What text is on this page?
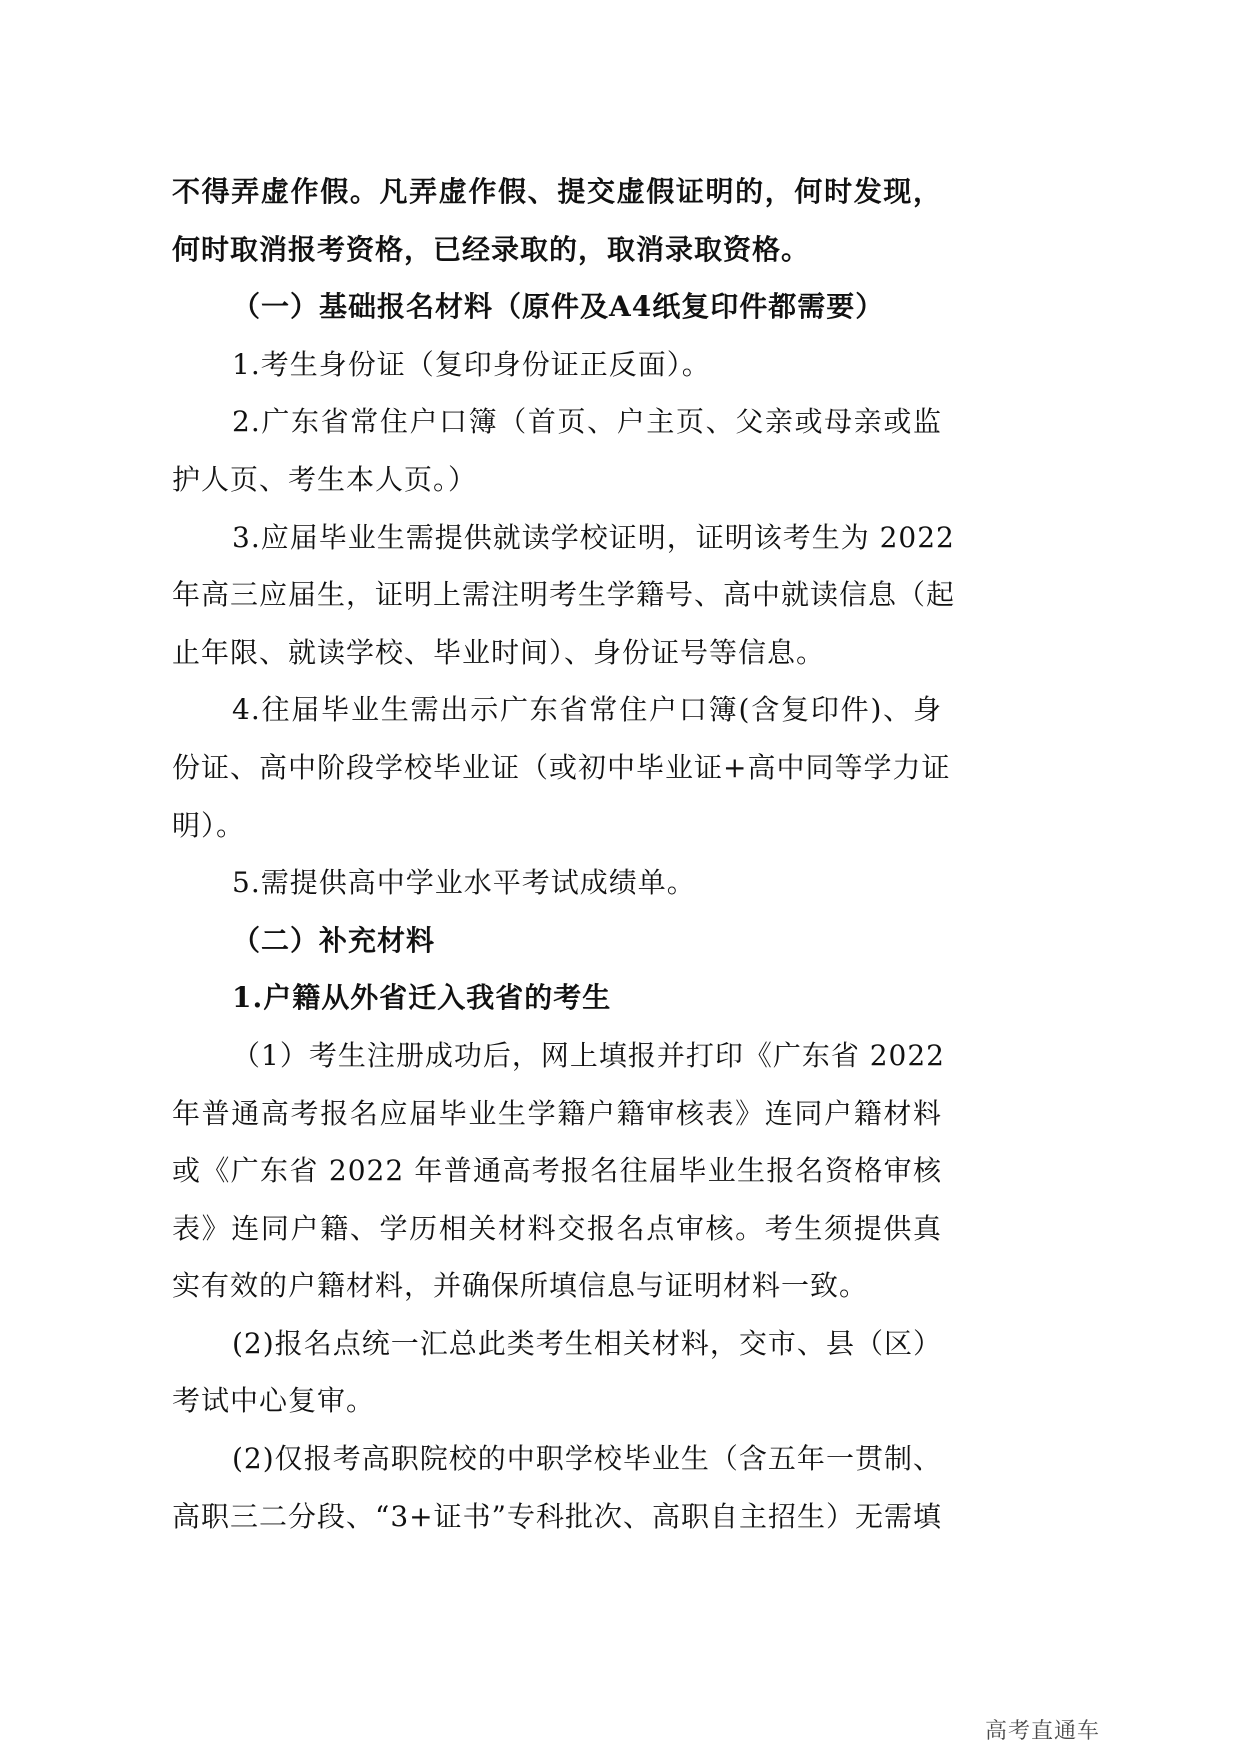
不得弄虚作假。凡弄虚作假、提交虚假证明的，何时发现，
何时取消报考资格，已经录取的，取消录取资格。
（一）基础报名材料（原件及A4纸复印件都需要）
1.考生身份证（复印身份证正反面）。
2.广东省常住户口簿（首页、户主页、父亲或母亲或监
护人页、考生本人页。）
3.应届毕业生需提供就读学校证明，证明该考生为 2022
年高三应届生，证明上需注明考生学籍号、高中就读信息（起
止年限、就读学校、毕业时间）、身份证号等信息。
4.往届毕业生需出示广东省常住户口簿(含复印件)、身
份证、高中阶段学校毕业证（或初中毕业证+高中同等学力证
明）。
5.需提供高中学业水平考试成绩单。
（二）补充材料
1.户籍从外省迁入我省的考生
（1）考生注册成功后，网上填报并打印《广东省 2022
年普通高考报名应届毕业生学籍户籍审核表》连同户籍材料
或《广东省 2022 年普通高考报名往届毕业生报名资格审核
表》连同户籍、学历相关材料交报名点审核。考生须提供真
实有效的户籍材料，并确保所填信息与证明材料一致。
(2)报名点统一汇总此类考生相关材料，交市、县（区）
考试中心复审。
(2)仅报考高职院校的中职学校毕业生（含五年一贯制、
高职三二分段、“3+证书”专科批次、高职自主招生）无需填
高考直通车
